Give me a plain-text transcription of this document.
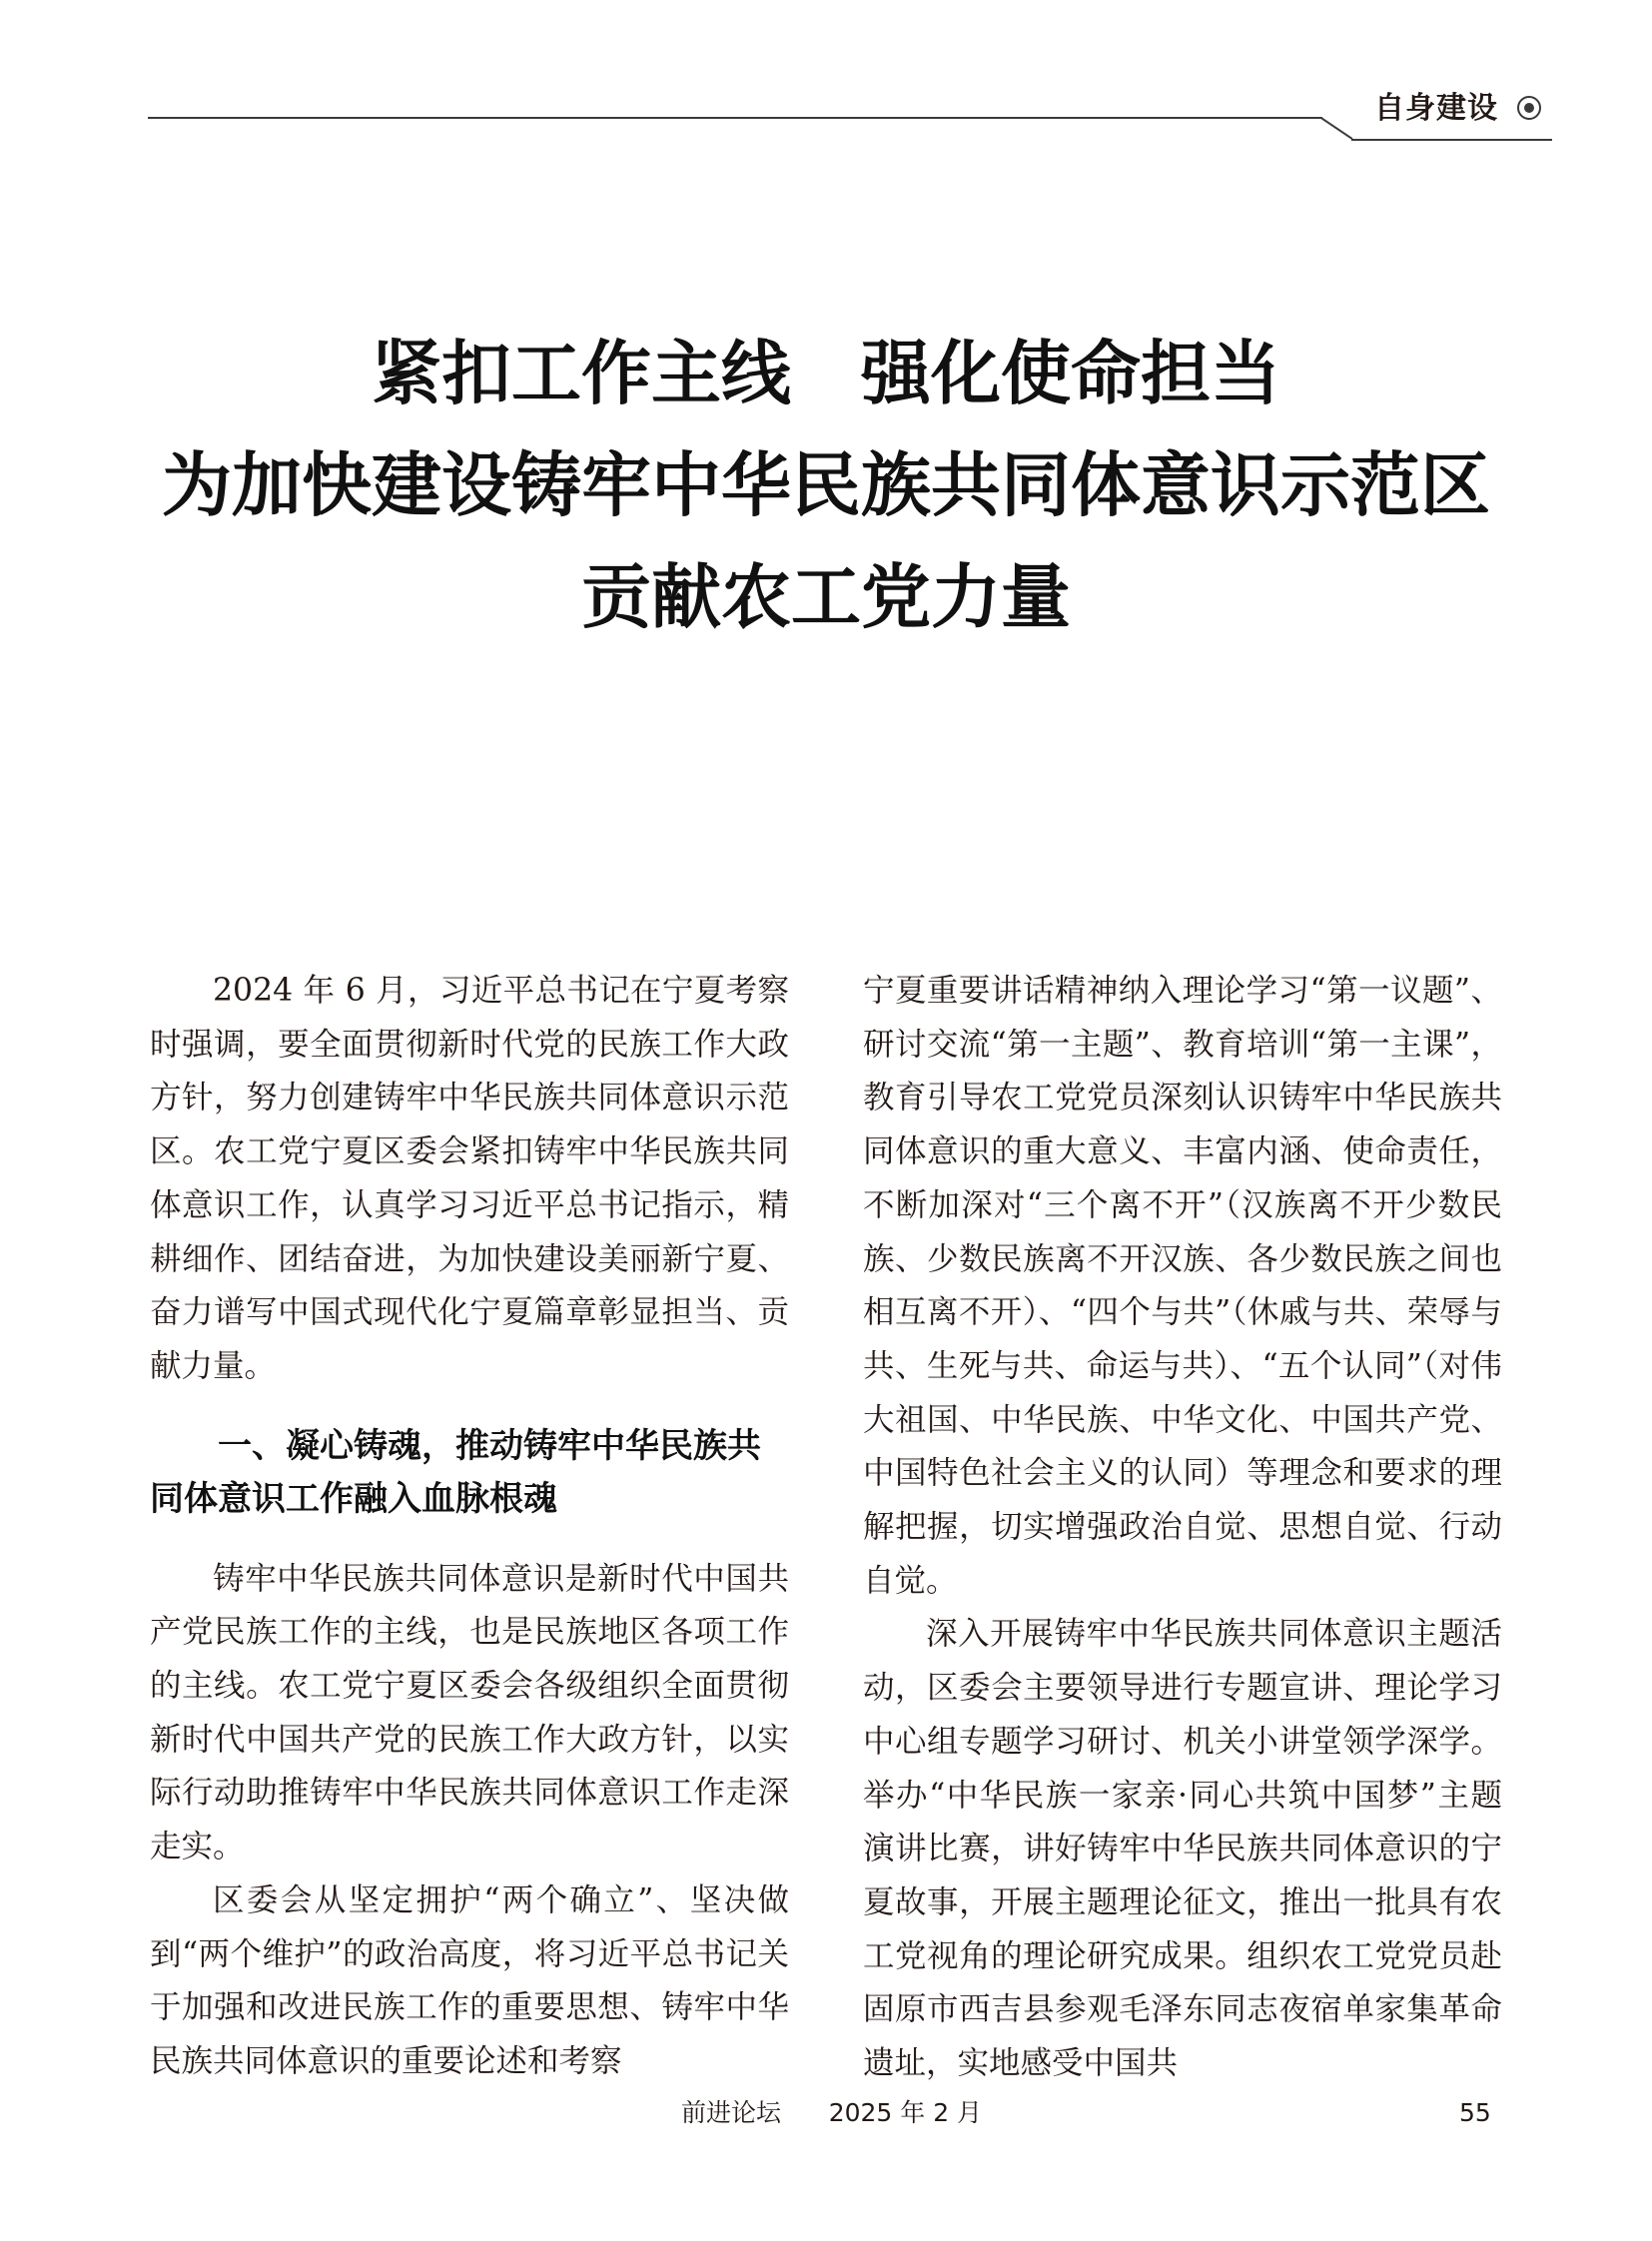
自身建设
紧扣工作主线　强化使命担当
为加快建设铸牢中华民族共同体意识示范区
贡献农工党力量

2024 年 6 月，习近平总书记在宁夏考察时强调，要全面贯彻新时代党的民族工作大政方针，努力创建铸牢中华民族共同体意识示范区。农工党宁夏区委会紧扣铸牢中华民族共同体意识工作，认真学习习近平总书记指示，精耕细作、团结奋进，为加快建设美丽新宁夏、奋力谱写中国式现代化宁夏篇章彰显担当、贡献力量。

一、凝心铸魂，推动铸牢中华民族共同体意识工作融入血脉根魂

铸牢中华民族共同体意识是新时代中国共产党民族工作的主线，也是民族地区各项工作的主线。农工党宁夏区委会各级组织全面贯彻新时代中国共产党的民族工作大政方针，以实际行动助推铸牢中华民族共同体意识工作走深走实。

区委会从坚定拥护“两个确立”、坚决做到“两个维护”的政治高度，将习近平总书记关于加强和改进民族工作的重要思想、铸牢中华民族共同体意识的重要论述和考察

宁夏重要讲话精神纳入理论学习“第一议题”、研讨交流“第一主题”、教育培训“第一主课”，教育引导农工党党员深刻认识铸牢中华民族共同体意识的重大意义、丰富内涵、使命责任，不断加深对“三个离不开”（汉族离不开少数民族、少数民族离不开汉族、各少数民族之间也相互离不开）、“四个与共”（休戚与共、荣辱与共、生死与共、命运与共）、“五个认同”（对伟大祖国、中华民族、中华文化、中国共产党、中国特色社会主义的认同）等理念和要求的理解把握，切实增强政治自觉、思想自觉、行动自觉。

深入开展铸牢中华民族共同体意识主题活动，区委会主要领导进行专题宣讲、理论学习中心组专题学习研讨、机关小讲堂领学深学。举办“中华民族一家亲·同心共筑中国梦”主题演讲比赛，讲好铸牢中华民族共同体意识的宁夏故事，开展主题理论征文，推出一批具有农工党视角的理论研究成果。组织农工党党员赴固原市西吉县参观毛泽东同志夜宿单家集革命遗址，实地感受中国共

前进论坛 2025 年 2 月	55
